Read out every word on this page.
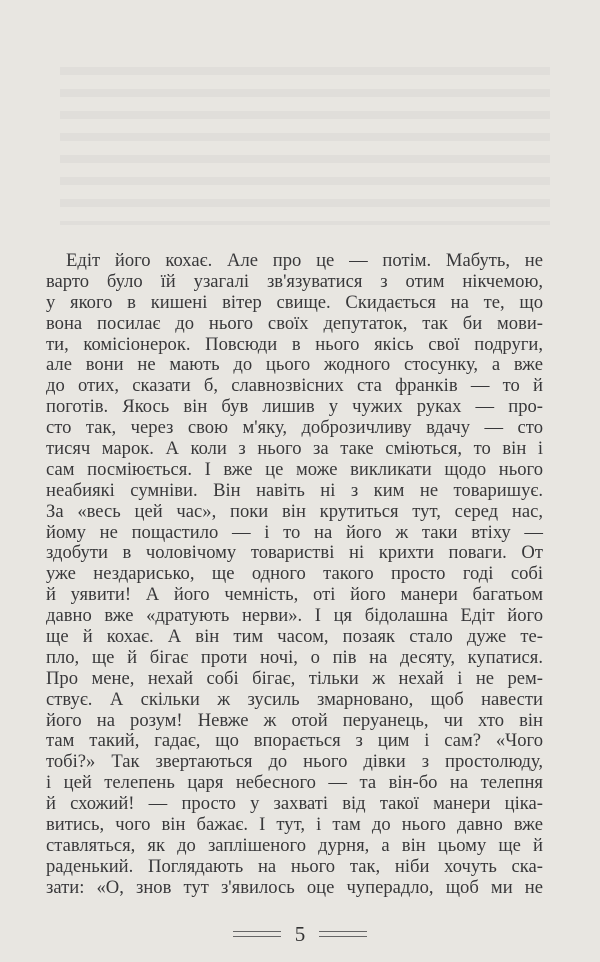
Едіт його кохає. Але про це — потім. Мабуть, не
варто було їй узагалі зв'язуватися з отим нікчемою,
у якого в кишені вітер свище. Скидається на те, що
вона посилає до нього своїх депутаток, так би мови-
ти, комісіонерок. Повсюди в нього якісь свої подруги,
але вони не мають до цього жодного стосунку, а вже
до отих, сказати б, славнозвісних ста франків — то й
поготів. Якось він був лишив у чужих руках — про-
сто так, через свою м'яку, доброзичливу вдачу — сто
тисяч марок. А коли з нього за таке сміються, то він і
сам посміюється. І вже це може викликати щодо нього
неабиякі сумніви. Він навіть ні з ким не товаришує.
За «весь цей час», поки він крутиться тут, серед нас,
йому не пощастило — і то на його ж таки втіху —
здобути в чоловічому товаристві ні крихти поваги. От
уже нездарисько, ще одного такого просто годі собі
й уявити! А його чемність, оті його манери багатьом
давно вже «дратують нерви». І ця бідолашна Едіт його
ще й кохає. А він тим часом, позаяк стало дуже те-
пло, ще й бігає проти ночі, о пів на десяту, купатися.
Про мене, нехай собі бігає, тільки ж нехай і не рем-
ствує. А скільки ж зусиль змарновано, щоб навести
його на розум! Невже ж отой перуанець, чи хто він
там такий, гадає, що впорається з цим і сам? «Чого
тобі?» Так звертаються до нього дівки з простолюду,
і цей телепень царя небесного — та він-бо на телепня
й схожий! — просто у захваті від такої манери ціка-
витись, чого він бажає. І тут, і там до нього давно вже
ставляться, як до заплішеного дурня, а він цьому ще й
раденький. Поглядають на нього так, ніби хочуть ска-
зати: «О, знов тут з'явилось оце чуперадло, щоб ми не
5
